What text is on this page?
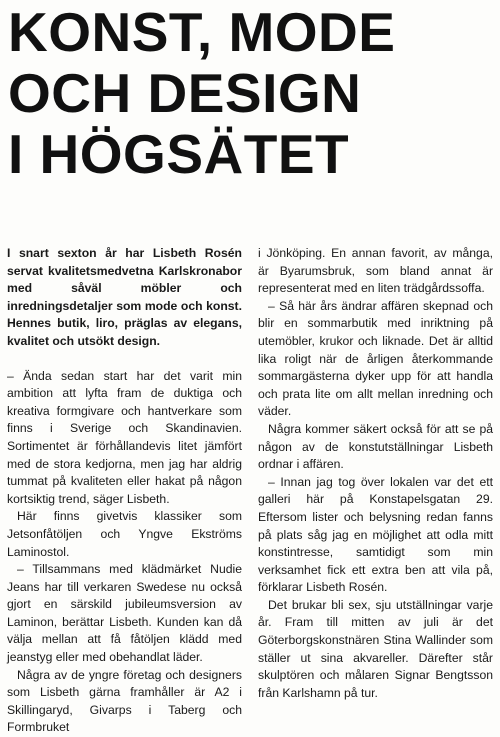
KONST, MODE
OCH DESIGN
I HÖGSÄTET

I snart sexton år har Lisbeth Rosén servat kvalitetsmedvetna Karlskronabor med såväl möbler och inredningsdetaljer som mode och konst. Hennes butik, liro, präglas av elegans, kvalitet och utsökt design.

– Ända sedan start har det varit min ambition att lyfta fram de duktiga och kreativa formgivare och hantverkare som finns i Sverige och Skandinavien. Sortimentet är förhållandevis litet jämfört med de stora kedjorna, men jag har aldrig tummat på kvaliteten eller hakat på någon kortsiktig trend, säger Lisbeth.

Här finns givetvis klassiker som Jetsonfåtöljen och Yngve Ekströms Laminostol.

– Tillsammans med klädmärket Nudie Jeans har till verkaren Swedese nu också gjort en särskild jubileumsversion av Laminon, berättar Lisbeth. Kunden kan då välja mellan att få fåtöljen klädd med jeanstyg eller med obehandlat läder.

Några av de yngre företag och designers som Lisbeth gärna framhåller är A2 i Skillingaryd, Givarps i Taberg och Formbruket

i Jönköping. En annan favorit, av många, är Byarumsbruk, som bland annat är representerat med en liten trädgårdssoffa.

– Så här års ändrar affären skepnad och blir en sommarbutik med inriktning på utemöbler, krukor och liknade. Det är alltid lika roligt när de årligen återkommande sommargästerna dyker upp för att handla och prata lite om allt mellan inredning och väder.

Några kommer säkert också för att se på någon av de konstutställningar Lisbeth ordnar i affären.

– Innan jag tog över lokalen var det ett galleri här på Konstapelsgatan 29. Eftersom lister och belysning redan fanns på plats såg jag en möjlighet att odla mitt konstintresse, samtidigt som min verksamhet fick ett extra ben att vila på, förklarar Lisbeth Rosén.

Det brukar bli sex, sju utställningar varje år. Fram till mitten av juli är det Göterborgskonstnären Stina Wallinder som ställer ut sina akvareller. Därefter står skulptören och målaren Signar Bengtsson från Karlshamn på tur.
